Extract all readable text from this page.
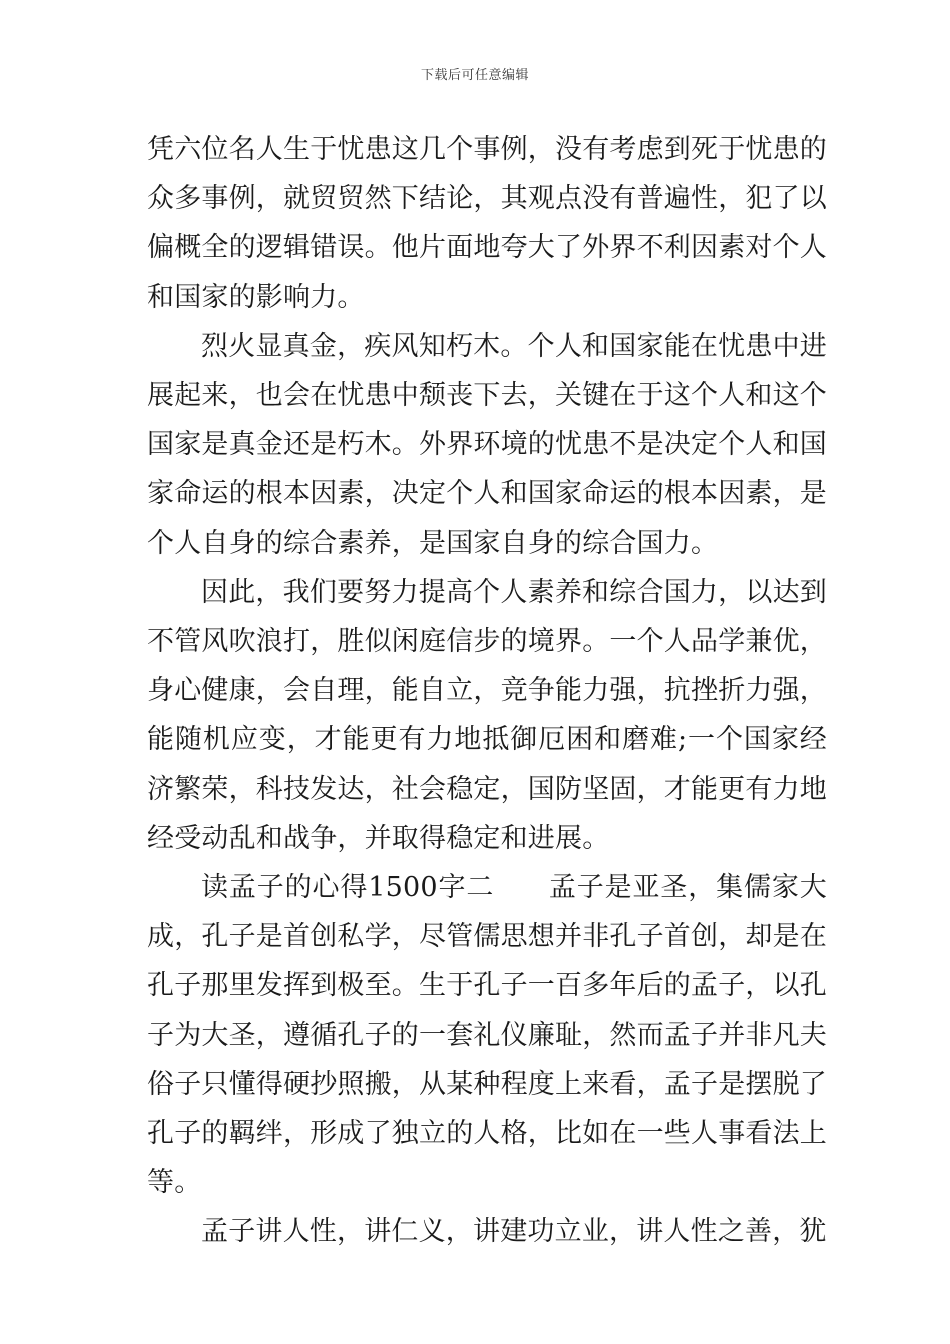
下载后可任意编辑

凭六位名人生于忧患这几个事例，没有考虑到死于忧患的众多事例，就贸贸然下结论，其观点没有普遍性，犯了以偏概全的逻辑错误。他片面地夸大了外界不利因素对个人和国家的影响力。

烈火显真金，疾风知朽木。个人和国家能在忧患中进展起来，也会在忧患中颓丧下去，关键在于这个人和这个国家是真金还是朽木。外界环境的忧患不是决定个人和国家命运的根本因素，决定个人和国家命运的根本因素，是个人自身的综合素养，是国家自身的综合国力。

因此，我们要努力提高个人素养和综合国力，以达到不管风吹浪打，胜似闲庭信步的境界。一个人品学兼优，身心健康，会自理，能自立，竞争能力强，抗挫折力强，能随机应变，才能更有力地抵御厄困和磨难;一个国家经济繁荣，科技发达，社会稳定，国防坚固，才能更有力地经受动乱和战争，并取得稳定和进展。

读孟子的心得1500字二 孟子是亚圣，集儒家大成，孔子是首创私学，尽管儒思想并非孔子首创，却是在孔子那里发挥到极至。生于孔子一百多年后的孟子，以孔子为大圣，遵循孔子的一套礼仪廉耻，然而孟子并非凡夫俗子只懂得硬抄照搬，从某种程度上来看，孟子是摆脱了孔子的羁绊，形成了独立的人格，比如在一些人事看法上等。

孟子讲人性，讲仁义，讲建功立业，讲人性之善，犹
